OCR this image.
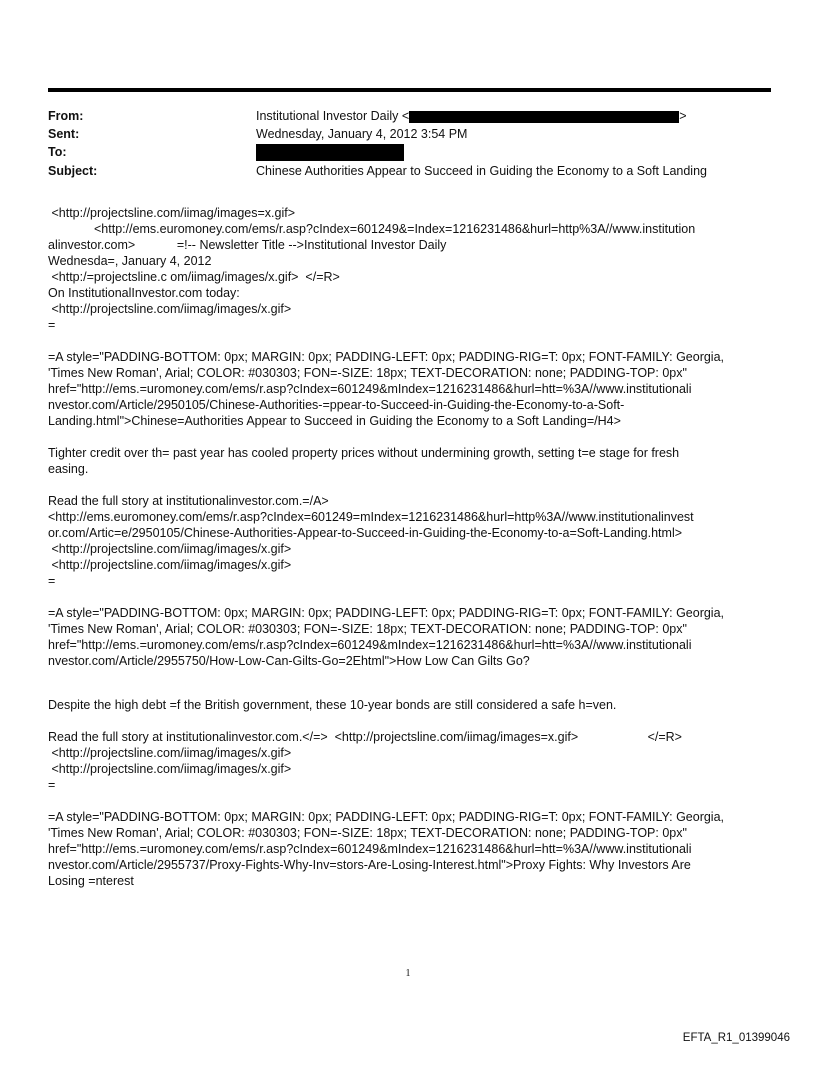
From:	Institutional Investor Daily <	>
Sent:	Wednesday, January 4, 2012 3:54 PM
To:
Subject:	Chinese Authorities Appear to Succeed in Guiding the Economy to a Soft Landing

<http://projectsline.com/iimag/images=x.gif>

<http://ems.euromoney.com/ems/r.asp?cIndex=601249&=Index=1216231486&hurl=http%3A//www.institution

alinvestor.com>            =!-- Newsletter Title -->Institutional Investor Daily

Wednesda=, January 4, 2012

<http:/=projectsline.c om/iimag/images/x.gif>  </=R>

On InstitutionalInvestor.com today:

<http://projectsline.com/iimag/images/x.gif>

=

=A style="PADDING-BOTTOM: 0px; MARGIN: 0px; PADDING-LEFT: 0px; PADDING-RIG=T: 0px; FONT-FAMILY: Georgia,

'Times New Roman', Arial; COLOR: #030303; FON=-SIZE: 18px; TEXT-DECORATION: none; PADDING-TOP: 0px"

href="http://ems.=uromoney.com/ems/r.asp?cIndex=601249&mIndex=1216231486&hurl=htt=%3A//www.institutionali

nvestor.com/Article/2950105/Chinese-Authorities-=ppear-to-Succeed-in-Guiding-the-Economy-to-a-Soft-

Landing.html">Chinese=Authorities Appear to Succeed in Guiding the Economy to a Soft Landing=/H4>

Tighter credit over th= past year has cooled property prices without undermining growth, setting t=e stage for fresh

easing.

Read the full story at institutionalinvestor.com.=/A>

<http://ems.euromoney.com/ems/r.asp?cIndex=601249=mIndex=1216231486&hurl=http%3A//www.institutionalinvest

or.com/Artic=e/2950105/Chinese-Authorities-Appear-to-Succeed-in-Guiding-the-Economy-to-a=Soft-Landing.html>

<http://projectsline.com/iimag/images/x.gif>

<http://projectsline.com/iimag/images/x.gif>

=

=A style="PADDING-BOTTOM: 0px; MARGIN: 0px; PADDING-LEFT: 0px; PADDING-RIG=T: 0px; FONT-FAMILY: Georgia,

'Times New Roman', Arial; COLOR: #030303; FON=-SIZE: 18px; TEXT-DECORATION: none; PADDING-TOP: 0px"

href="http://ems.=uromoney.com/ems/r.asp?cIndex=601249&mIndex=1216231486&hurl=htt=%3A//www.institutionali

nvestor.com/Article/2955750/How-Low-Can-Gilts-Go=2Ehtml">How Low Can Gilts Go?

Despite the high debt =f the British government, these 10-year bonds are still considered a safe h=ven.

Read the full story at institutionalinvestor.com.</=>  <http://projectsline.com/iimag/images=x.gif>                    </=R>

<http://projectsline.com/iimag/images/x.gif>

<http://projectsline.com/iimag/images/x.gif>

=

=A style="PADDING-BOTTOM: 0px; MARGIN: 0px; PADDING-LEFT: 0px; PADDING-RIG=T: 0px; FONT-FAMILY: Georgia,

'Times New Roman', Arial; COLOR: #030303; FON=-SIZE: 18px; TEXT-DECORATION: none; PADDING-TOP: 0px"

href="http://ems.=uromoney.com/ems/r.asp?cIndex=601249&mIndex=1216231486&hurl=htt=%3A//www.institutionali

nvestor.com/Article/2955737/Proxy-Fights-Why-Inv=stors-Are-Losing-Interest.html">Proxy Fights: Why Investors Are

Losing =nterest

1
EFTA_R1_01399046
